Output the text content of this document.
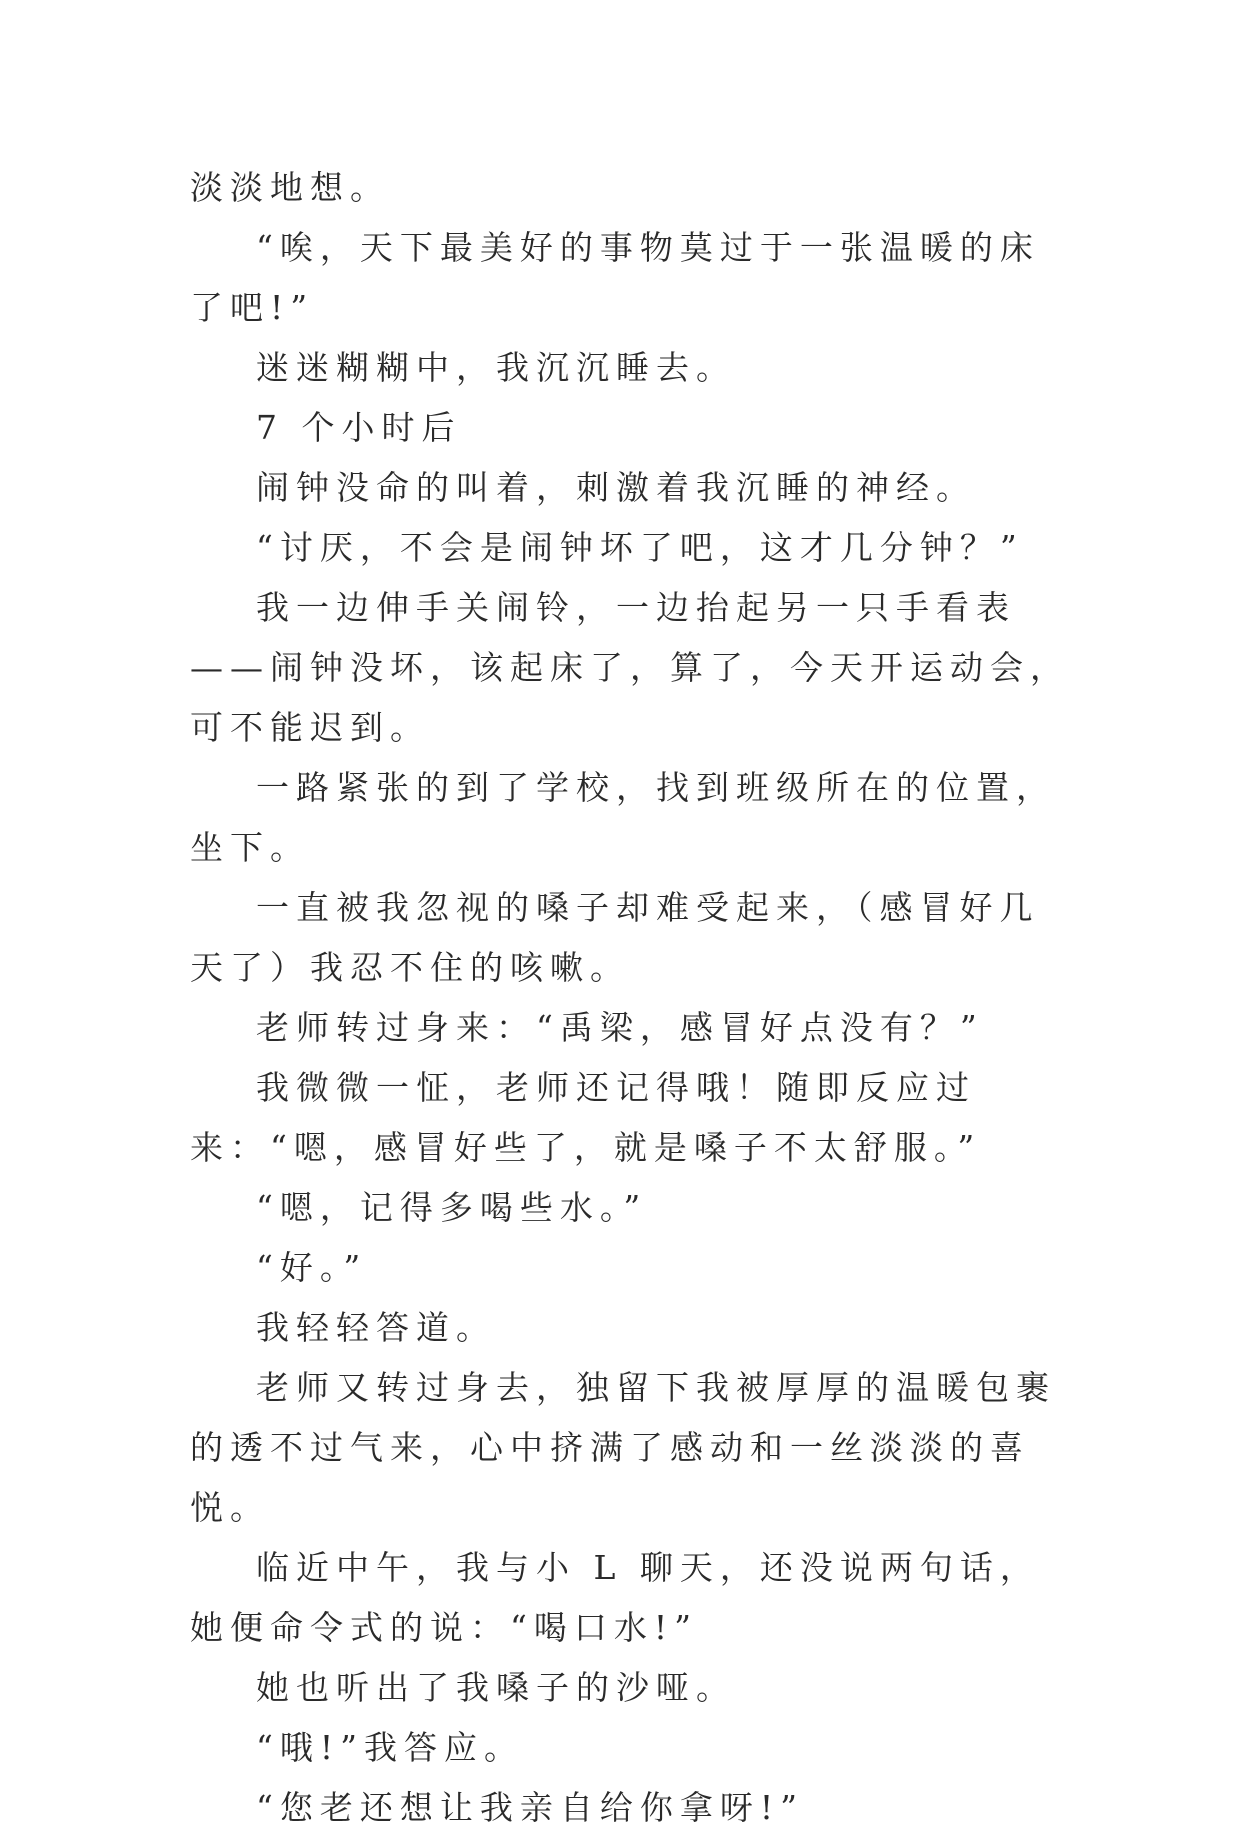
淡淡地想。

“唉，天下最美好的事物莫过于一张温暖的床了吧!”

迷迷糊糊中，我沉沉睡去。

7 个小时后

闹钟没命的叫着，刺激着我沉睡的神经。

“讨厌，不会是闹钟坏了吧，这才几分钟？”

我一边伸手关闹铃，一边抬起另一只手看表——闹钟没坏，该起床了，算了，今天开运动会，可不能迟到。

一路紧张的到了学校，找到班级所在的位置，坐下。

一直被我忽视的嗓子却难受起来，（感冒好几天了）我忍不住的咳嗽。

老师转过身来：“禹梁，感冒好点没有？”

我微微一怔，老师还记得哦！随即反应过来：“嗯，感冒好些了，就是嗓子不太舒服。”

“嗯，记得多喝些水。”

“好。”

我轻轻答道。

老师又转过身去，独留下我被厚厚的温暖包裹的透不过气来，心中挤满了感动和一丝淡淡的喜悦。

临近中午，我与小 L 聊天，还没说两句话，她便命令式的说：“喝口水!”

她也听出了我嗓子的沙哑。

“哦!”我答应。

“您老还想让我亲自给你拿呀!”
